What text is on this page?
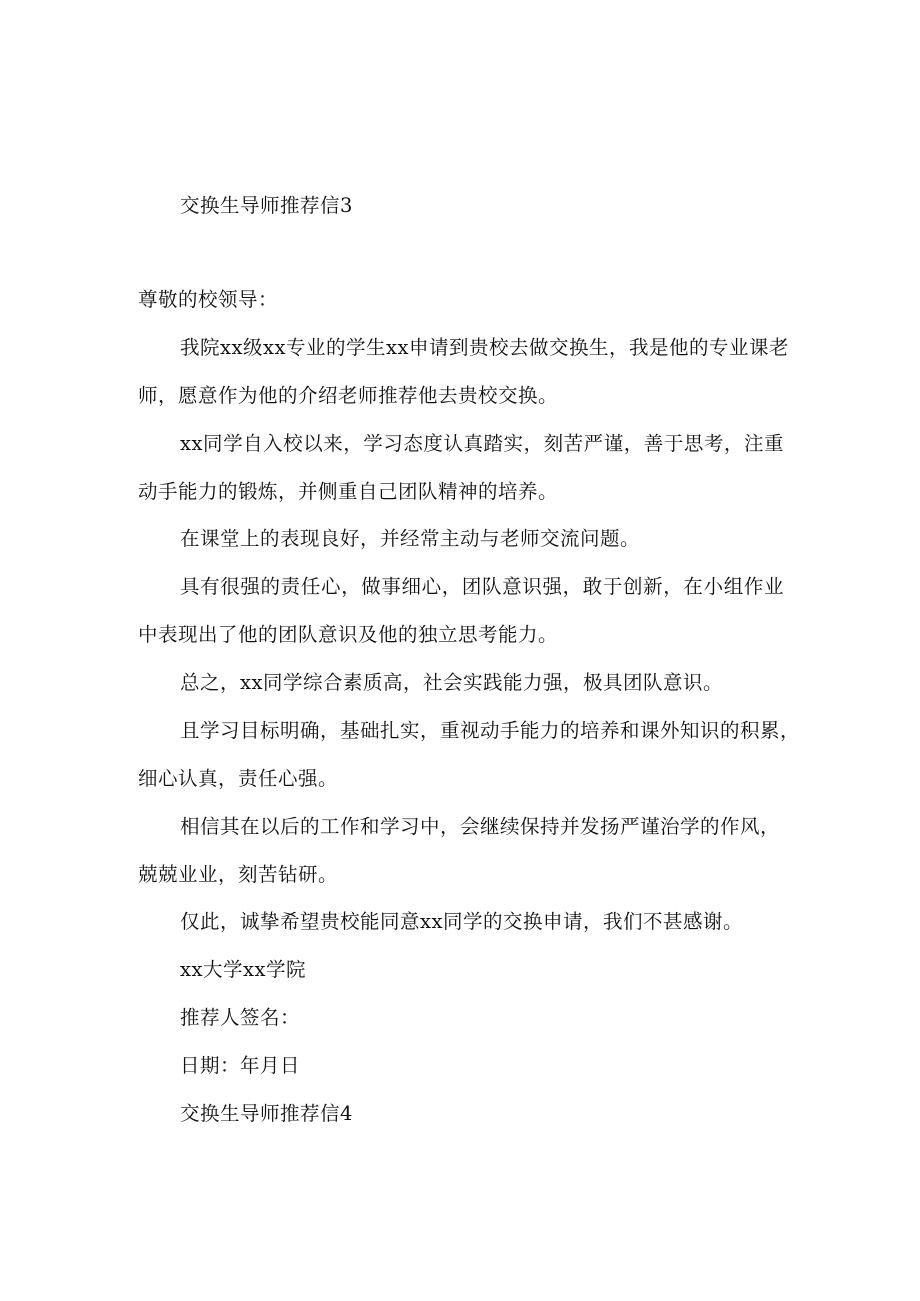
交换生导师推荐信3
尊敬的校领导：
我院xx级xx专业的学生xx申请到贵校去做交换生，我是他的专业课老
师，愿意作为他的介绍老师推荐他去贵校交换。
xx同学自入校以来，学习态度认真踏实，刻苦严谨，善于思考，注重
动手能力的锻炼，并侧重自己团队精神的培养。
在课堂上的表现良好，并经常主动与老师交流问题。
具有很强的责任心，做事细心，团队意识强，敢于创新，在小组作业
中表现出了他的团队意识及他的独立思考能力。
总之，xx同学综合素质高，社会实践能力强，极具团队意识。
且学习目标明确，基础扎实，重视动手能力的培养和课外知识的积累，
细心认真，责任心强。
相信其在以后的工作和学习中，会继续保持并发扬严谨治学的作风，
兢兢业业，刻苦钻研。
仅此，诚挚希望贵校能同意xx同学的交换申请，我们不甚感谢。
xx大学xx学院
推荐人签名：
日期：年月日
交换生导师推荐信4
